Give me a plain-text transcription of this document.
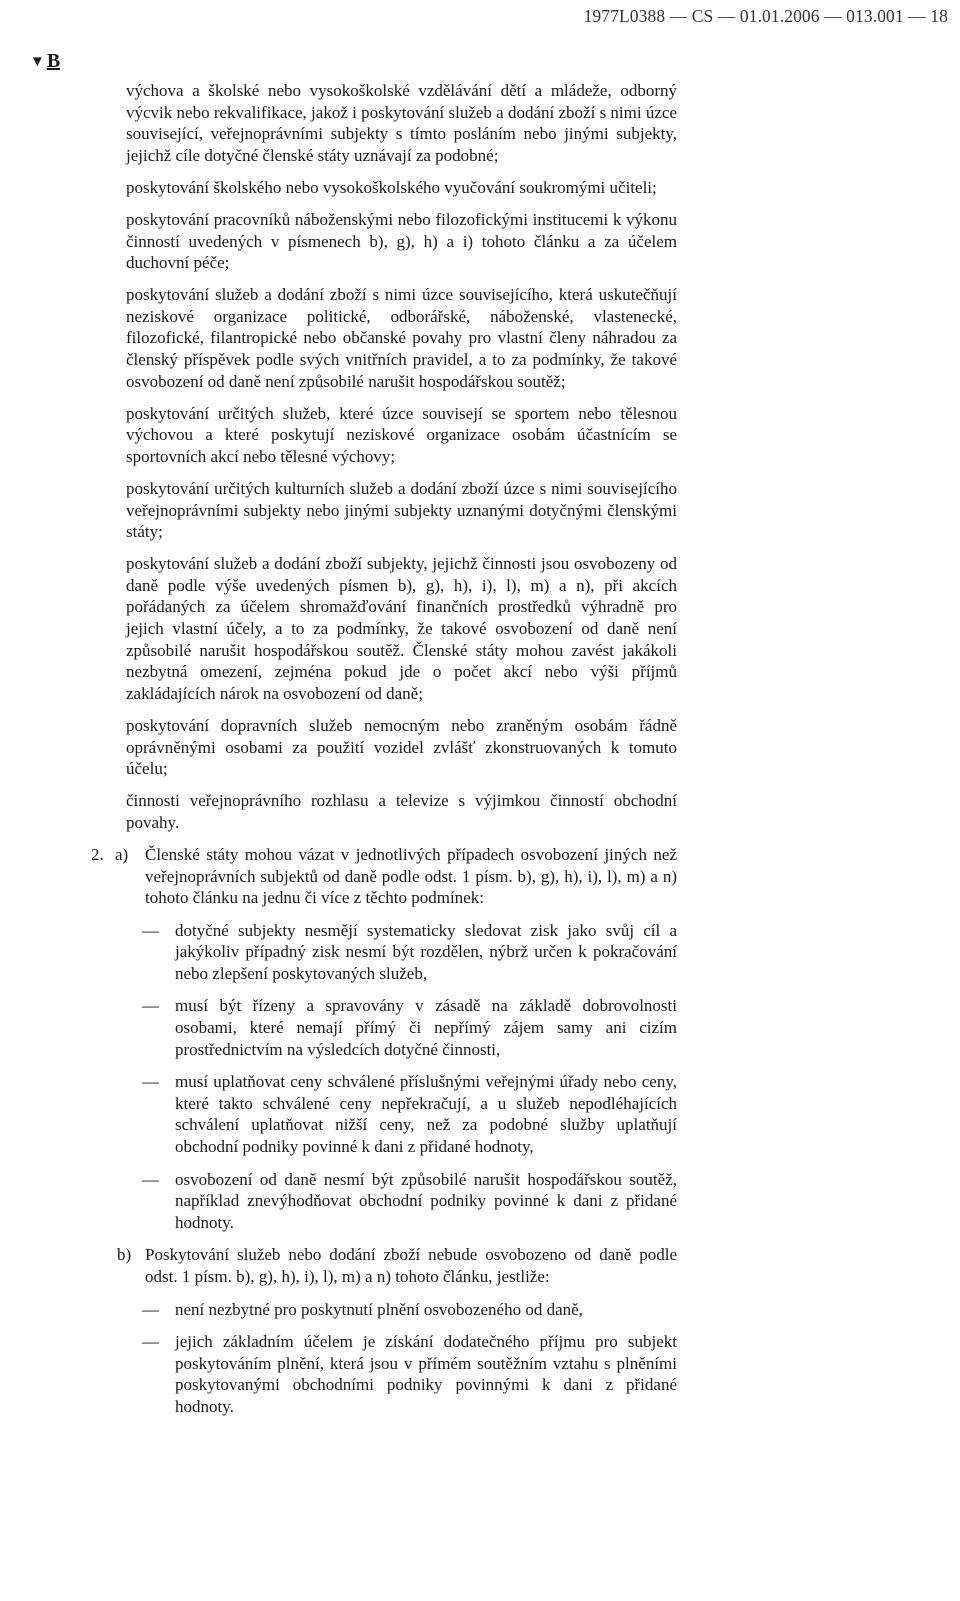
1977L0388 — CS — 01.01.2006 — 013.001 — 18
▼ B
výchova a školské nebo vysokoškolské vzdělávání dětí a mládeže, odborný výcvik nebo rekvalifikace, jakož i poskytování služeb a dodání zboží s nimi úzce související, veřejnoprávními subjekty s tímto posláním nebo jinými subjekty, jejichž cíle dotyčné členské státy uznávají za podobné;
poskytování školského nebo vysokoškolského vyučování soukromými učiteli;
poskytování pracovníků náboženskými nebo filozofickými institucemi k výkonu činností uvedených v písmenech b), g), h) a i) tohoto článku a za účelem duchovní péče;
poskytování služeb a dodání zboží s nimi úzce souvisejícího, která uskutečňují neziskové organizace politické, odborářské, náboženské, vlastenecké, filozofické, filantropické nebo občanské povahy pro vlastní členy náhradou za členský příspěvek podle svých vnitřních pravidel, a to za podmínky, že takové osvobození od daně není způsobilé narušit hospodářskou soutěž;
poskytování určitých služeb, které úzce souvisejí se sportem nebo tělesnou výchovou a které poskytují neziskové organizace osobám účastnícím se sportovních akcí nebo tělesné výchovy;
poskytování určitých kulturních služeb a dodání zboží úzce s nimi souvisejícího veřejnoprávními subjekty nebo jinými subjekty uznanými dotyčnými členskými státy;
poskytování služeb a dodání zboží subjekty, jejichž činnosti jsou osvobozeny od daně podle výše uvedených písmen b), g), h), i), l), m) a n), při akcích pořádaných za účelem shromažďování finančních prostředků výhradně pro jejich vlastní účely, a to za podmínky, že takové osvobození od daně není způsobilé narušit hospodářskou soutěž. Členské státy mohou zavést jakákoli nezbytná omezení, zejména pokud jde o počet akcí nebo výši příjmů zakládajících nárok na osvobození od daně;
poskytování dopravních služeb nemocným nebo zraněným osobám řádně oprávněnými osobami za použití vozidel zvlášť zkonstruovaných k tomuto účelu;
činnosti veřejnoprávního rozhlasu a televize s výjimkou činností obchodní povahy.
2. a) Členské státy mohou vázat v jednotlivých případech osvobození jiných než veřejnoprávních subjektů od daně podle odst. 1 písm. b), g), h), i), l), m) a n) tohoto článku na jednu či více z těchto podmínek:
— dotyčné subjekty nesmějí systematicky sledovat zisk jako svůj cíl a jakýkoliv případný zisk nesmí být rozdělen, nýbrž určen k pokračování nebo zlepšení poskytovaných služeb,
— musí být řízeny a spravovány v zásadě na základě dobrovolnosti osobami, které nemají přímý či nepřímý zájem samy ani cizím prostřednictvím na výsledcích dotyčné činnosti,
— musí uplatňovat ceny schválené příslušnými veřejnými úřady nebo ceny, které takto schválené ceny nepřekračují, a u služeb nepodléhajících schválení uplatňovat nižší ceny, než za podobné služby uplatňují obchodní podniky povinné k dani z přidané hodnoty,
— osvobození od daně nesmí být způsobilé narušit hospodářskou soutěž, například znevýhodňovat obchodní podniky povinné k dani z přidané hodnoty.
b) Poskytování služeb nebo dodání zboží nebude osvobozeno od daně podle odst. 1 písm. b), g), h), i), l), m) a n) tohoto článku, jestliže:
— není nezbytné pro poskytnutí plnění osvobozeného od daně,
— jejich základním účelem je získání dodatečného příjmu pro subjekt poskytováním plnění, která jsou v přímém soutěžním vztahu s plněními poskytovanými obchodními podniky povinnými k dani z přidané hodnoty.
